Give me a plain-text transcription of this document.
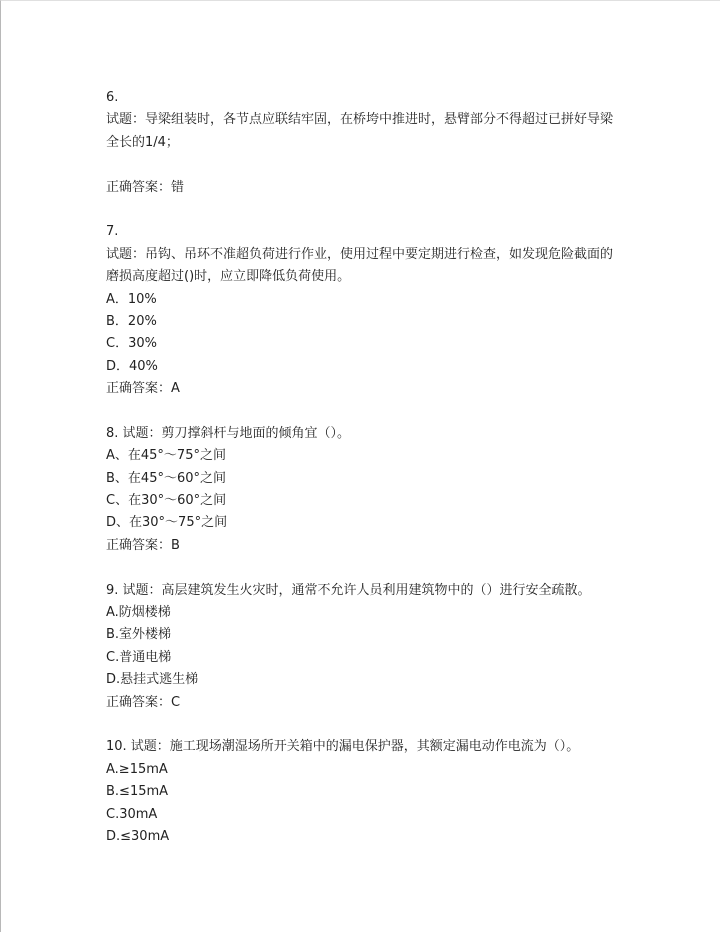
6.
试题：导梁组装时，各节点应联结牢固，在桥垮中推进时，悬臂部分不得超过已拼好导梁全长的1/4；
正确答案：错
7.
试题：吊钩、吊环不准超负荷进行作业，使用过程中要定期进行检查，如发现危险截面的磨损高度超过()时，应立即降低负荷使用。
A．10%
B．20%
C．30%
D．40%
正确答案：A
8. 试题：剪刀撑斜杆与地面的倾角宜（）。
A、在45°～75°之间
B、在45°～60°之间
C、在30°～60°之间
D、在30°～75°之间
正确答案：B
9. 试题：高层建筑发生火灾时，通常不允许人员利用建筑物中的（）进行安全疏散。
A.防烟楼梯
B.室外楼梯
C.普通电梯
D.悬挂式逃生梯
正确答案：C
10. 试题：施工现场潮湿场所开关箱中的漏电保护器，其额定漏电动作电流为（）。
A.≥15mA
B.≤15mA
C.30mA
D.≤30mA
